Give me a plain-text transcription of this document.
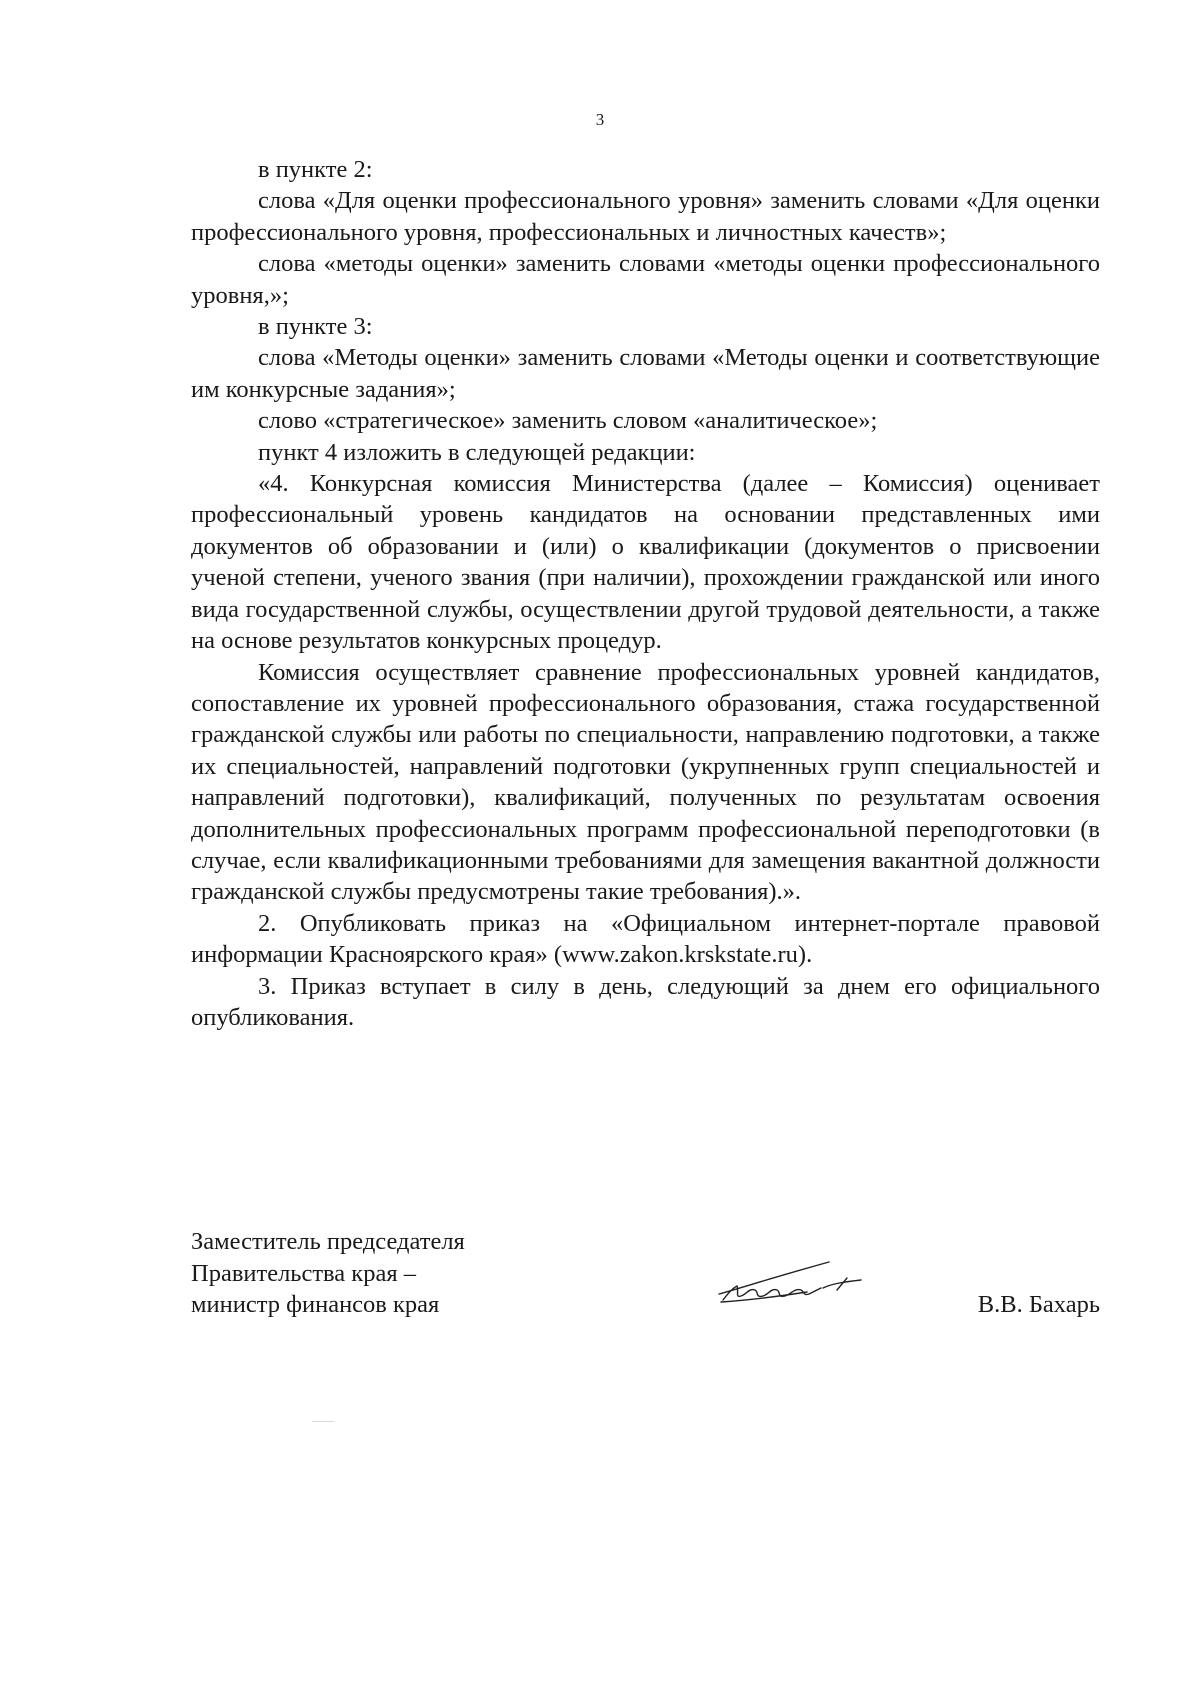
3

в пункте 2:

слова «Для оценки профессионального уровня» заменить словами «Для оценки профессионального уровня, профессиональных и личностных качеств»;

слова «методы оценки» заменить словами «методы оценки профессионального уровня,»;

в пункте 3:

слова «Методы оценки» заменить словами «Методы оценки и соответствующие им конкурсные задания»;

слово «стратегическое» заменить словом «аналитическое»;

пункт 4 изложить в следующей редакции:

«4. Конкурсная комиссия Министерства (далее – Комиссия) оценивает профессиональный уровень кандидатов на основании представленных ими документов об образовании и (или) о квалификации (документов о присвоении ученой степени, ученого звания (при наличии), прохождении гражданской или иного вида государственной службы, осуществлении другой трудовой деятельности, а также на основе результатов конкурсных процедур.

Комиссия осуществляет сравнение профессиональных уровней кандидатов, сопоставление их уровней профессионального образования, стажа государственной гражданской службы или работы по специальности, направлению подготовки, а также их специальностей, направлений подготовки (укрупненных групп специальностей и направлений подготовки), квалификаций, полученных по результатам освоения дополнительных профессиональных программ профессиональной переподготовки (в случае, если квалификационными требованиями для замещения вакантной должности гражданской службы предусмотрены такие требования).».

2. Опубликовать приказ на «Официальном интернет-портале правовой информации Красноярского края» (www.zakon.krskstate.ru).

3. Приказ вступает в силу в день, следующий за днем его официального опубликования.

Заместитель председателя
Правительства края –
министр финансов края	В.В. Бахарь
